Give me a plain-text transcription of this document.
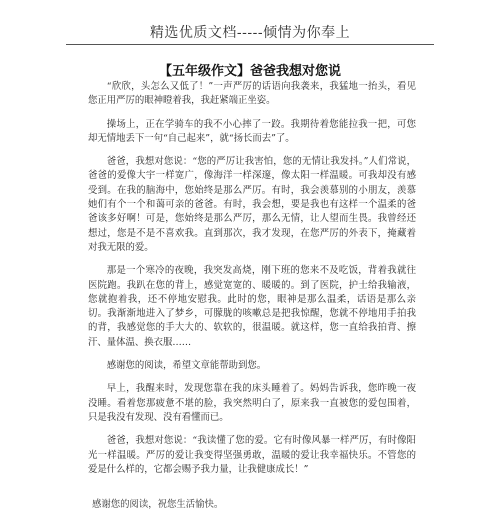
精选优质文档-----倾情为你奉上
【五年级作文】爸爸我想对您说

“欣欣，头怎么又低了！”一声严厉的话语向我袭来，我猛地一抬头，看见您正用严厉的眼神瞪着我，我赶紧端正坐姿。

操场上，正在学骑车的我不小心摔了一跤。我期待着您能拉我一把，可您却无情地丢下一句“自己起来”，就“扬长而去”了。

爸爸，我想对您说：“您的严厉让我害怕，您的无情让我发抖。”人们常说，爸爸的爱像大宇一样宽广，像海洋一样深邃，像太阳一样温暖。可我却没有感受到。在我的脑海中，您始终是那么严厉。有时，我会羡慕别的小朋友，羡慕她们有个一个和蔼可亲的爸爸。有时，我会想，要是我也有这样一个温柔的爸爸该多好啊！可是，您始终是那么严厉，那么无情，让人望而生畏。我曾经还想过，您是不是不喜欢我。直到那次，我才发现，在您严厉的外表下，掩藏着对我无限的爱。

那是一个寒冷的夜晚，我突发高烧，刚下班的您来不及吃饭，背着我就往医院跑。我趴在您的背上，感觉宽宽的、暖暖的。到了医院，护士给我输液，您就抱着我，还不停地安慰我。此时的您，眼神是那么温柔，话语是那么亲切。我渐渐地进入了梦乡，可朦胧的咳嗽总是把我惊醒，您就不停地用手拍我的背，我感觉您的手大大的、软软的，很温暖。就这样，您一直给我拍背、擦汗、量体温、换衣服……

感谢您的阅读，希望文章能帮助到您。

早上，我醒来时，发现您靠在我的床头睡着了。妈妈告诉我，您昨晚一夜没睡。看着您那疲惫不堪的脸，我突然明白了，原来我一直被您的爱包围着，只是我没有发现、没有看懂而已。

爸爸，我想对您说：“我读懂了您的爱。它有时像风暴一样严厉，有时像阳光一样温暖。严厉的爱让我变得坚强勇敢，温暖的爱让我幸福快乐。不管您的爱是什么样的，它都会赐予我力量，让我健康成长！”

感谢您的阅读，祝您生活愉快。
